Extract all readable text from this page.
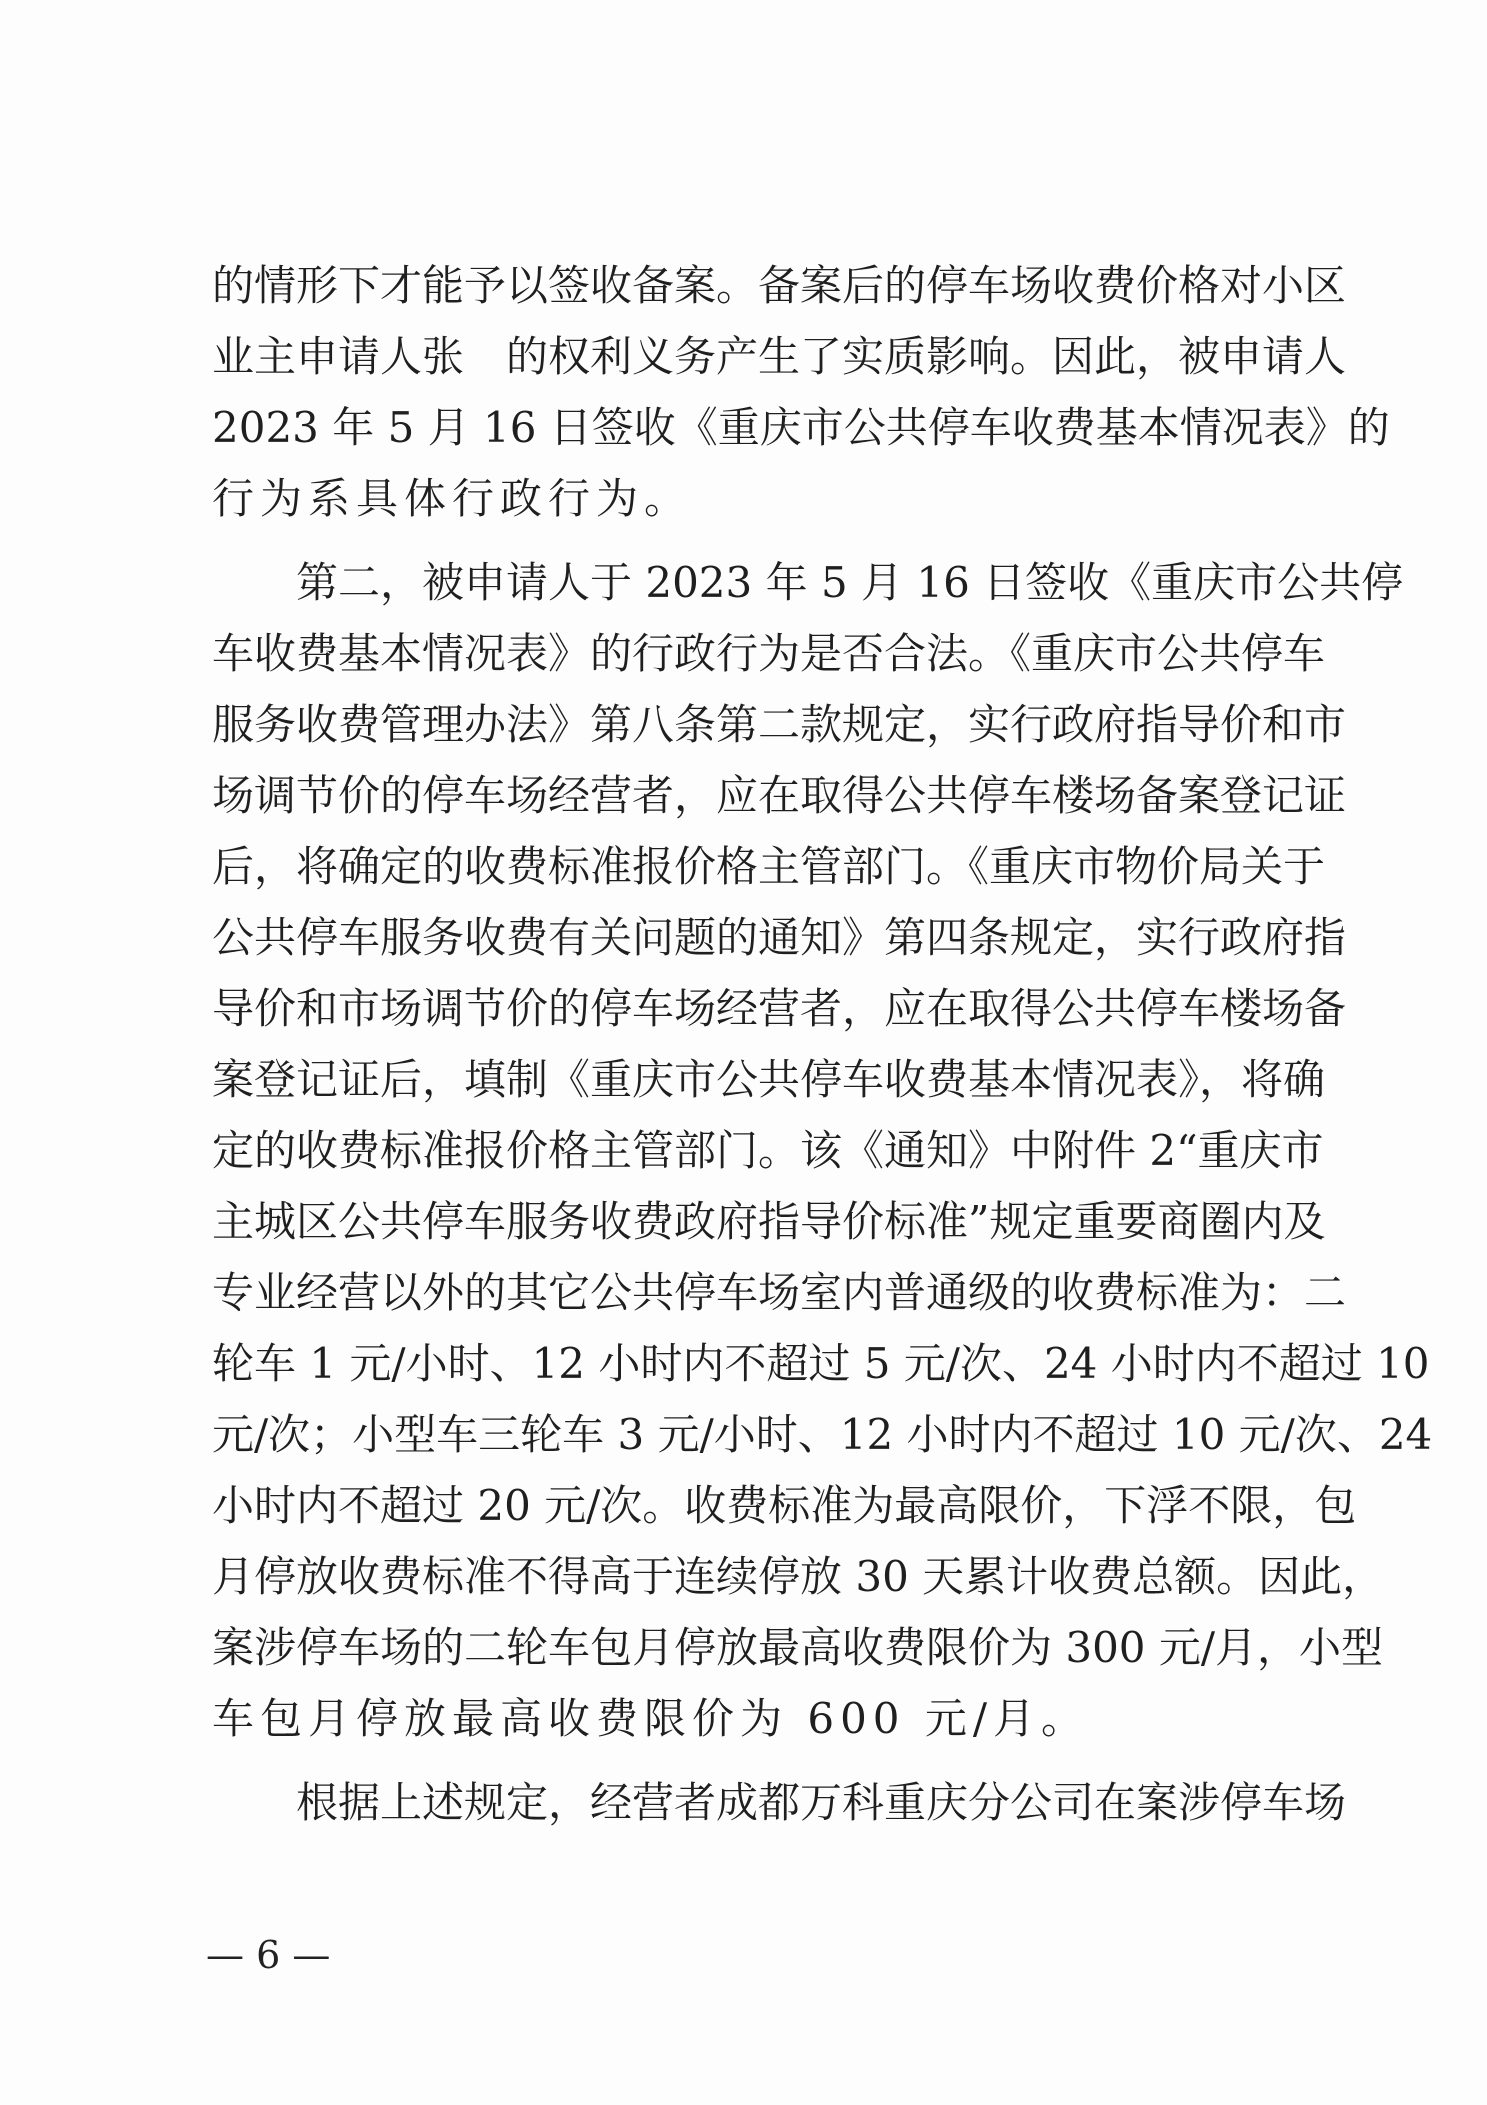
的情形下才能予以签收备案。备案后的停车场收费价格对小区
业主申请人张　的权利义务产生了实质影响。因此，被申请人
2023 年 5 月 16 日签收《重庆市公共停车收费基本情况表》的
行为系具体行政行为。
　　第二，被申请人于 2023 年 5 月 16 日签收《重庆市公共停
车收费基本情况表》的行政行为是否合法。《重庆市公共停车
服务收费管理办法》第八条第二款规定，实行政府指导价和市
场调节价的停车场经营者，应在取得公共停车楼场备案登记证
后，将确定的收费标准报价格主管部门。《重庆市物价局关于
公共停车服务收费有关问题的通知》第四条规定，实行政府指
导价和市场调节价的停车场经营者，应在取得公共停车楼场备
案登记证后，填制《重庆市公共停车收费基本情况表》，将确
定的收费标准报价格主管部门。该《通知》中附件 2“重庆市
主城区公共停车服务收费政府指导价标准”规定重要商圈内及
专业经营以外的其它公共停车场室内普通级的收费标准为：二
轮车 1 元/小时、12 小时内不超过 5 元/次、24 小时内不超过 10
元/次；小型车三轮车 3 元/小时、12 小时内不超过 10 元/次、24
小时内不超过 20 元/次。收费标准为最高限价，下浮不限，包
月停放收费标准不得高于连续停放 30 天累计收费总额。因此，
案涉停车场的二轮车包月停放最高收费限价为 300 元/月，小型
车包月停放最高收费限价为 600 元/月。
　　根据上述规定，经营者成都万科重庆分公司在案涉停车场
— 6 —
